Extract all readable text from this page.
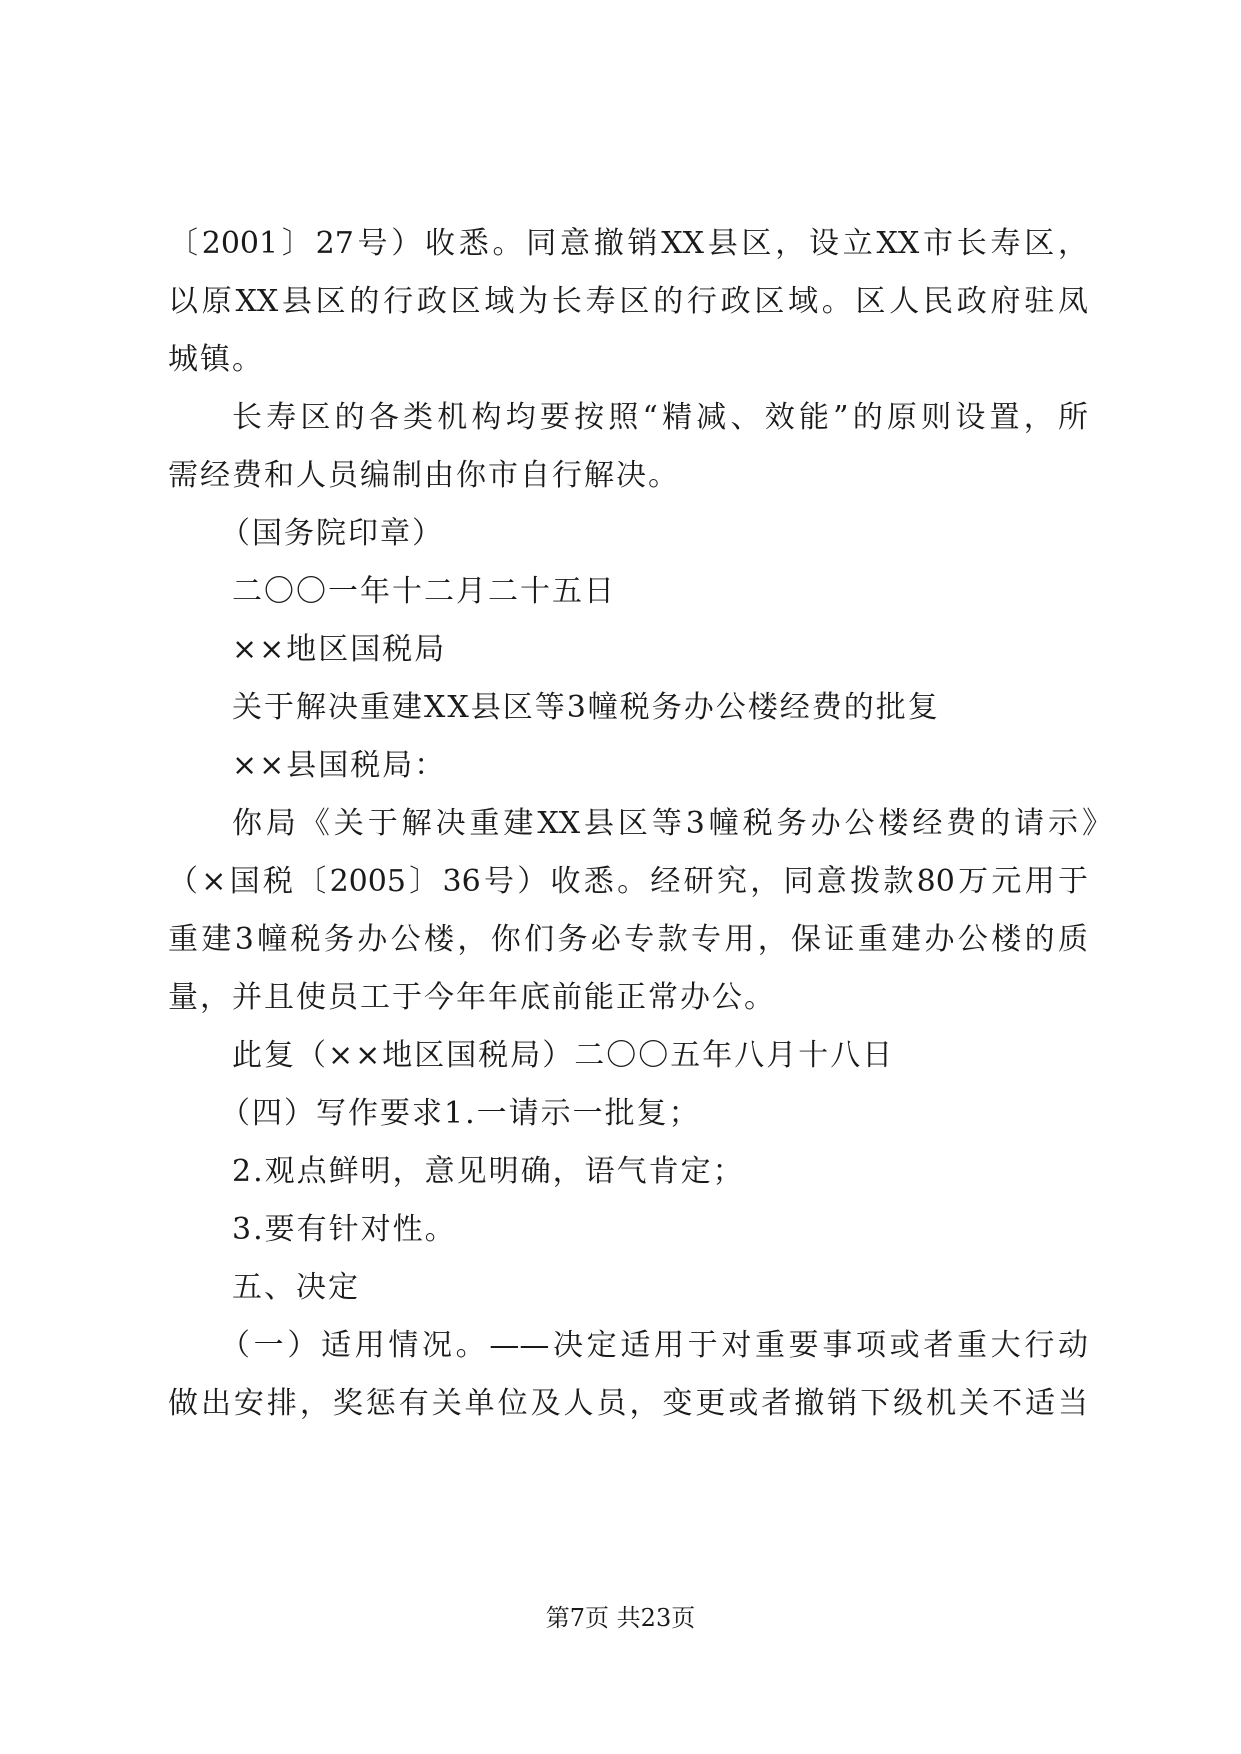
〔2001〕27号）收悉。同意撤销XX县区，设立XX市长寿区，
以原XX县区的行政区域为长寿区的行政区域。区人民政府驻凤
城镇。
长寿区的各类机构均要按照“精减、效能”的原则设置，所
需经费和人员编制由你市自行解决。
（国务院印章）
二〇〇一年十二月二十五日
××地区国税局
关于解决重建XX县区等3幢税务办公楼经费的批复
××县国税局：
你局《关于解决重建XX县区等3幢税务办公楼经费的请示》
（×国税〔2005〕36号）收悉。经研究，同意拨款80万元用于
重建3幢税务办公楼，你们务必专款专用，保证重建办公楼的质
量，并且使员工于今年年底前能正常办公。
此复（××地区国税局）二〇〇五年八月十八日
（四）写作要求1.一请示一批复；
2.观点鲜明，意见明确，语气肯定；
3.要有针对性。
五、决定
（一）适用情况。——决定适用于对重要事项或者重大行动
做出安排，奖惩有关单位及人员，变更或者撤销下级机关不适当
第7页 共23页
